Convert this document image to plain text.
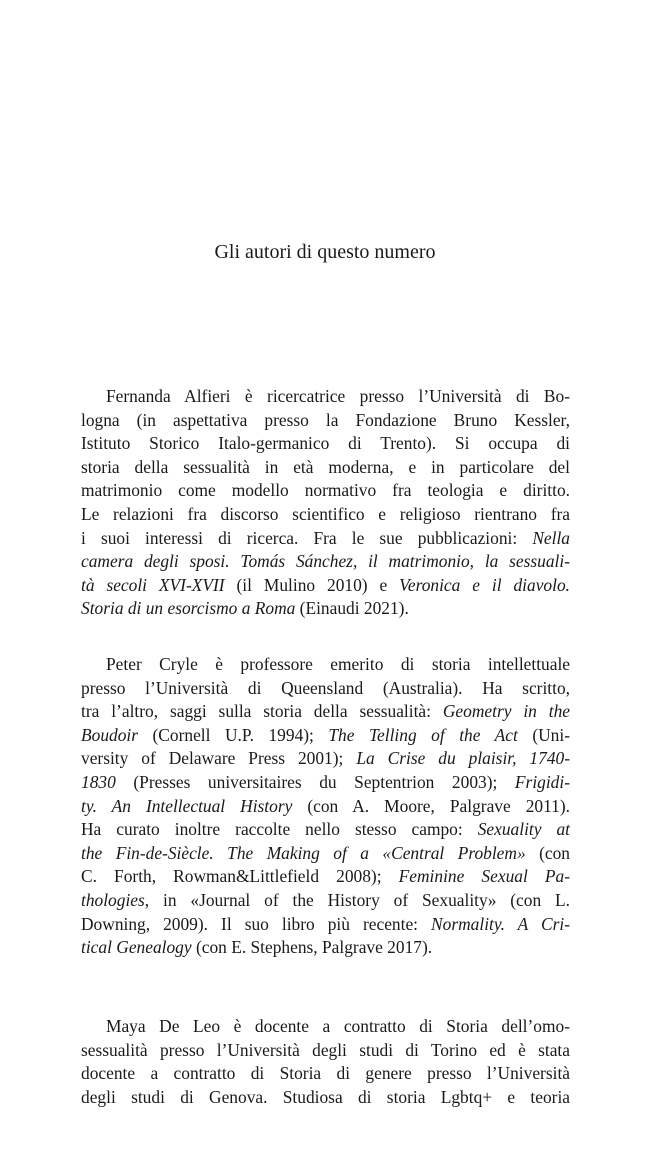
Gli autori di questo numero
Fernanda Alfieri è ricercatrice presso l’Università di Bo-
logna (in aspettativa presso la Fondazione Bruno Kessler,
Istituto Storico Italo-germanico di Trento). Si occupa di
storia della sessualità in età moderna, e in particolare del
matrimonio come modello normativo fra teologia e diritto.
Le relazioni fra discorso scientifico e religioso rientrano fra
i suoi interessi di ricerca. Fra le sue pubblicazioni: Nella
camera degli sposi. Tomás Sánchez, il matrimonio, la sessuali-
tà secoli XVI-XVII (il Mulino 2010) e Veronica e il diavolo.
Storia di un esorcismo a Roma (Einaudi 2021).
Peter Cryle è professore emerito di storia intellettuale
presso l’Università di Queensland (Australia). Ha scritto,
tra l’altro, saggi sulla storia della sessualità: Geometry in the
Boudoir (Cornell U.P. 1994); The Telling of the Act (Uni-
versity of Delaware Press 2001); La Crise du plaisir, 1740-
1830 (Presses universitaires du Septentrion 2003); Frigidi-
ty. An Intellectual History (con A. Moore, Palgrave 2011).
Ha curato inoltre raccolte nello stesso campo: Sexuality at
the Fin-de-Siècle. The Making of a «Central Problem» (con
C. Forth, Rowman&Littlefield 2008); Feminine Sexual Pa-
thologies, in «Journal of the History of Sexuality» (con L.
Downing, 2009). Il suo libro più recente: Normality. A Cri-
tical Genealogy (con E. Stephens, Palgrave 2017).
Maya De Leo è docente a contratto di Storia dell’omo-
sessualità presso l’Università degli studi di Torino ed è stata
docente a contratto di Storia di genere presso l’Università
degli studi di Genova. Studiosa di storia Lgbtq+ e teoria
